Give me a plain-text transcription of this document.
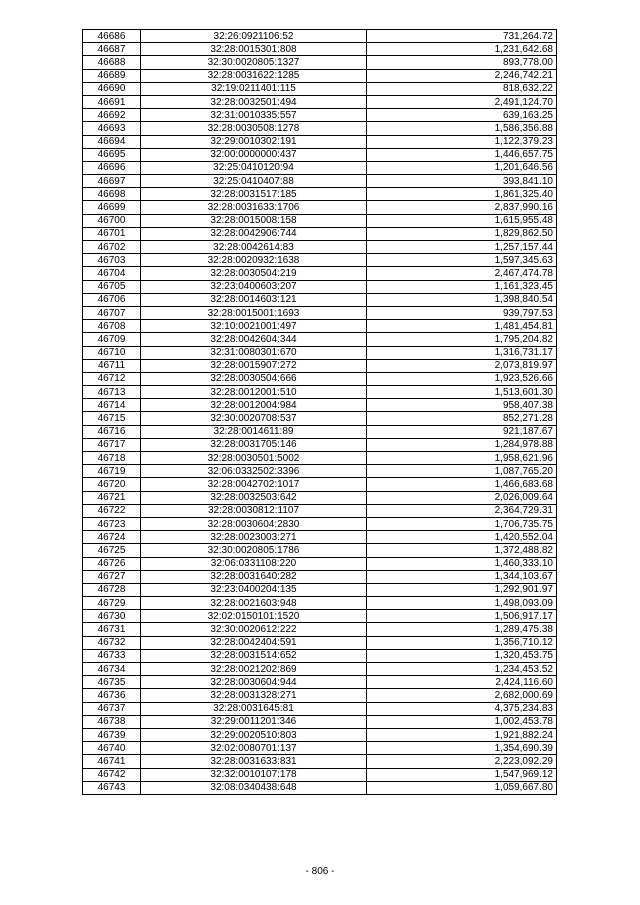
46686	32:26:0921106:52	731,264.72
46687	32:28:0015301:808	1,231,642.68
46688	32:30:0020805:1327	893,778.00
46689	32:28:0031622:1285	2,246,742.21
46690	32:19:0211401:115	818,632.22
46691	32:28:0032501:494	2,491,124.70
46692	32:31:0010335:557	639,163.25
46693	32:28:0030508:1278	1,586,356.88
46694	32:29:0010302:191	1,122,379.23
46695	32:00:0000000:437	1,446,657.75
46696	32:25:0410120:94	1,201,646.56
46697	32:25:0410407:88	393,841.10
46698	32:28:0031517:185	1,861,325.40
46699	32:28:0031633:1706	2,837,990.16
46700	32:28:0015008:158	1,615,955.48
46701	32:28:0042906:744	1,829,862.50
46702	32:28:0042614:83	1,257,157.44
46703	32:28:0020932:1638	1,597,345.63
46704	32:28:0030504:219	2,467,474.78
46705	32:23:0400603:207	1,161,323.45
46706	32:28:0014603:121	1,398,840.54
46707	32:28:0015001:1693	939,797.53
46708	32:10:0021001:497	1,481,454.81
46709	32:28:0042604:344	1,795,204.82
46710	32:31:0080301:670	1,316,731.17
46711	32:28:0015907:272	2,073,819.97
46712	32:28:0030504:666	1,923,526.66
46713	32:28:0012001:510	1,513,601.30
46714	32:28:0012004:984	958,407.38
46715	32:30:0020708:537	852,271.28
46716	32:28:0014611:89	921,187.67
46717	32:28:0031705:146	1,284,978.88
46718	32:28:0030501:5002	1,958,621.96
46719	32:06:0332502:3396	1,087,765.20
46720	32:28:0042702:1017	1,466,683.68
46721	32:28:0032503:642	2,026,009.64
46722	32:28:0030812:1107	2,364,729.31
46723	32:28:0030604:2830	1,706,735.75
46724	32:28:0023003:271	1,420,552.04
46725	32:30:0020805:1786	1,372,488.82
46726	32:06:0331108:220	1,460,333.10
46727	32:28:0031640:282	1,344,103.67
46728	32:23:0400204:135	1,292,901.97
46729	32:28:0021603:948	1,498,093.09
46730	32:02:0150101:1520	1,506,917.17
46731	32:30:0020612:222	1,289,475.38
46732	32:28:0042404:591	1,356,710.12
46733	32:28:0031514:652	1,320,453.75
46734	32:28:0021202:869	1,234,453.52
46735	32:28:0030604:944	2,424,116.60
46736	32:28:0031328:271	2,682,000.69
46737	32:28:0031645:81	4,375,234.83
46738	32:29:0011201:346	1,002,453.78
46739	32:29:0020510:803	1,921,882.24
46740	32:02:0080701:137	1,354,690.39
46741	32:28:0031633:831	2,223,092.29
46742	32:32:0010107:178	1,547,969.12
46743	32:08:0340438:648	1,059,667.80
- 806 -
